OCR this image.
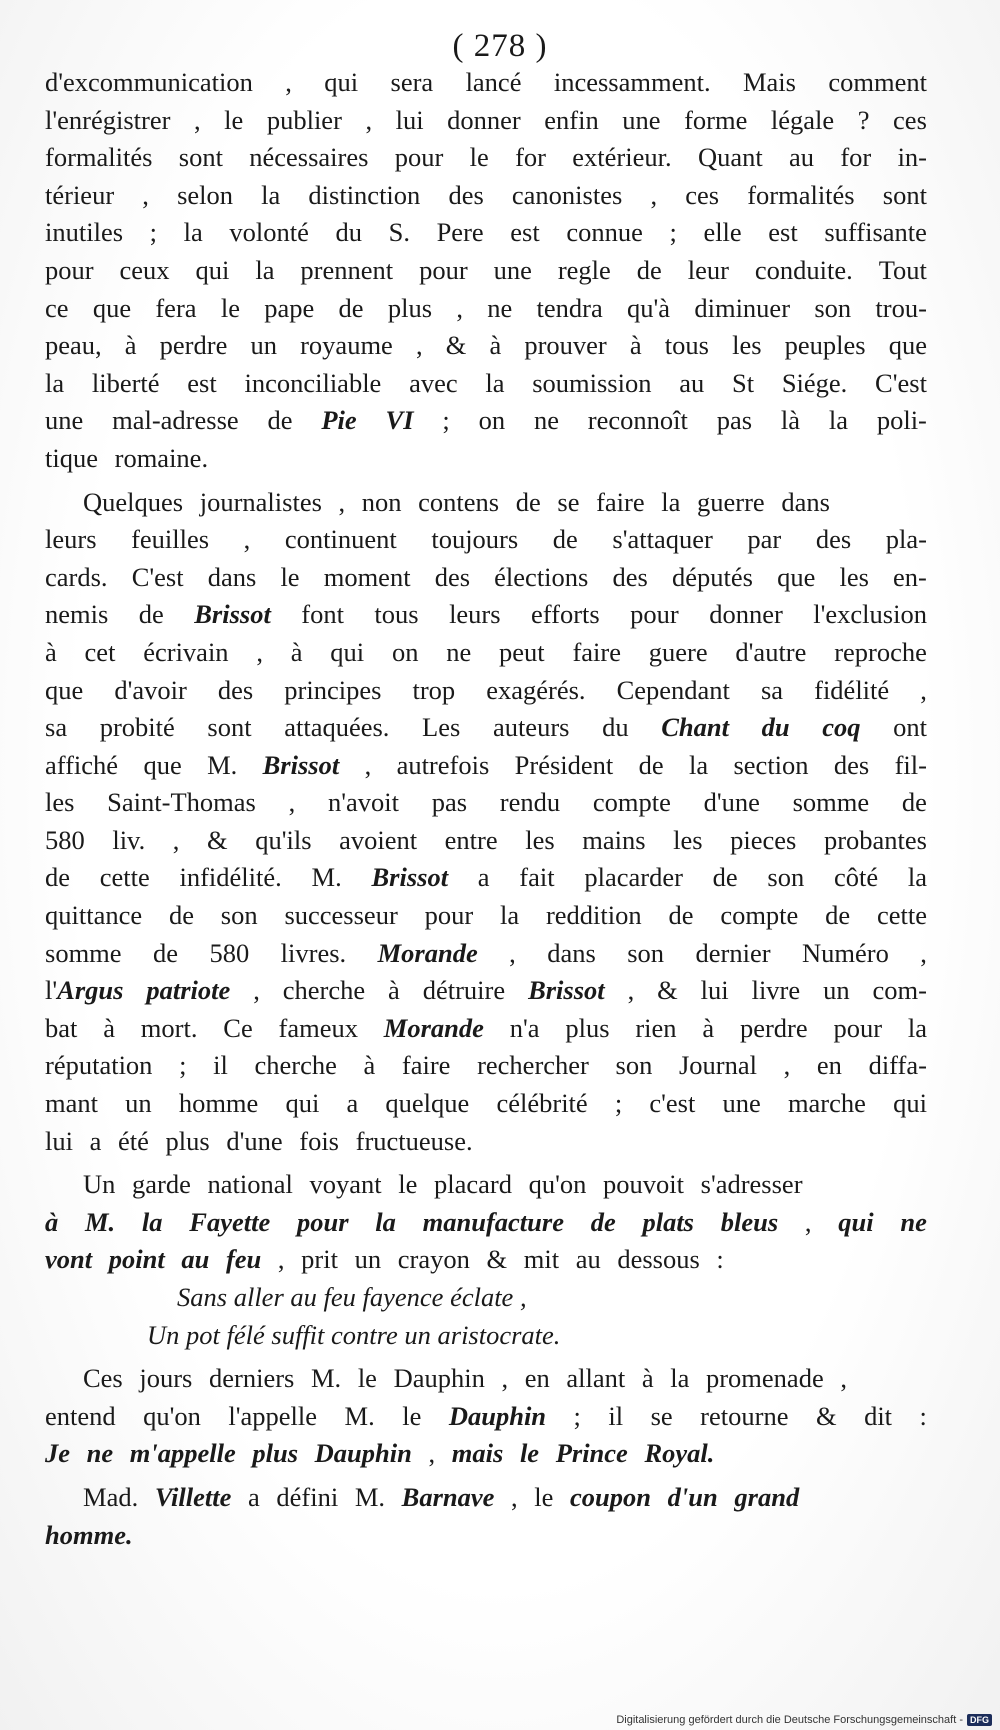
( 278 )
d'excommunication , qui sera lancé incessamment. Mais comment
l'enrégistrer , le publier , lui donner enfin une forme légale ? ces
formalités sont nécessaires pour le for extérieur. Quant au for in-
térieur , selon la distinction des canonistes , ces formalités sont
inutiles ; la volonté du S. Pere est connue ; elle est suffisante
pour ceux qui la prennent pour une regle de leur conduite. Tout
ce que fera le pape de plus , ne tendra qu'à diminuer son trou-
peau, à perdre un royaume , & à prouver à tous les peuples que
la liberté est inconciliable avec la soumission au St Siége. C'est
une mal-adresse de Pie VI ; on ne reconnoît pas là la poli-
tique
romaine.
Quelques
journalistes
,
non
contens
de
se
faire
la
guerre
dans
leurs feuilles , continuent toujours de s'attaquer par des pla-
cards. C'est dans le moment des élections des députés que les en-
nemis de Brissot font tous leurs efforts pour donner l'exclusion
à cet écrivain , à qui on ne peut faire guere d'autre reproche
que d'avoir des principes trop exagérés. Cependant sa fidélité ,
sa probité sont attaquées. Les auteurs du Chant du coq ont
affiché que M. Brissot , autrefois Président de la section des fil-
les Saint-Thomas , n'avoit pas rendu compte d'une somme de
580 liv. , & qu'ils avoient entre les mains les pieces probantes
de cette infidélité. M. Brissot a fait placarder de son côté la
quittance de son successeur pour la reddition de compte de cette
somme de 580 livres. Morande , dans son dernier Numéro ,
l'Argus patriote , cherche à détruire Brissot , & lui livre un com-
bat à mort. Ce fameux Morande n'a plus rien à perdre pour la
réputation ; il cherche à faire rechercher son Journal , en diffa-
mant un homme qui a quelque célébrité ; c'est une marche qui
lui
a
été
plus
d'une
fois
fructueuse.
Un
garde
national
voyant
le
placard
qu'on
pouvoit
s'adresser
à M. la Fayette pour la manufacture de plats bleus , qui ne
vont
point
au
feu
,
prit
un
crayon
&
mit
au
dessous
:
Sans
aller
au
feu
fayence
éclate
,
Un
pot
félé
suffit
contre
un
aristocrate.
Ces
jours
derniers
M.
le
Dauphin
,
en
allant
à
la
promenade
,
entend qu'on l'appelle M. le Dauphin ; il se retourne & dit :
Je
ne
m'appelle
plus
Dauphin
,
mais
le
Prince
Royal.
Mad.
Villette
a
défini
M.
Barnave
,
le
coupon
d'un
grand
homme.
Digitalisierung gefördert durch die Deutsche Forschungsgemeinschaft - DFG
